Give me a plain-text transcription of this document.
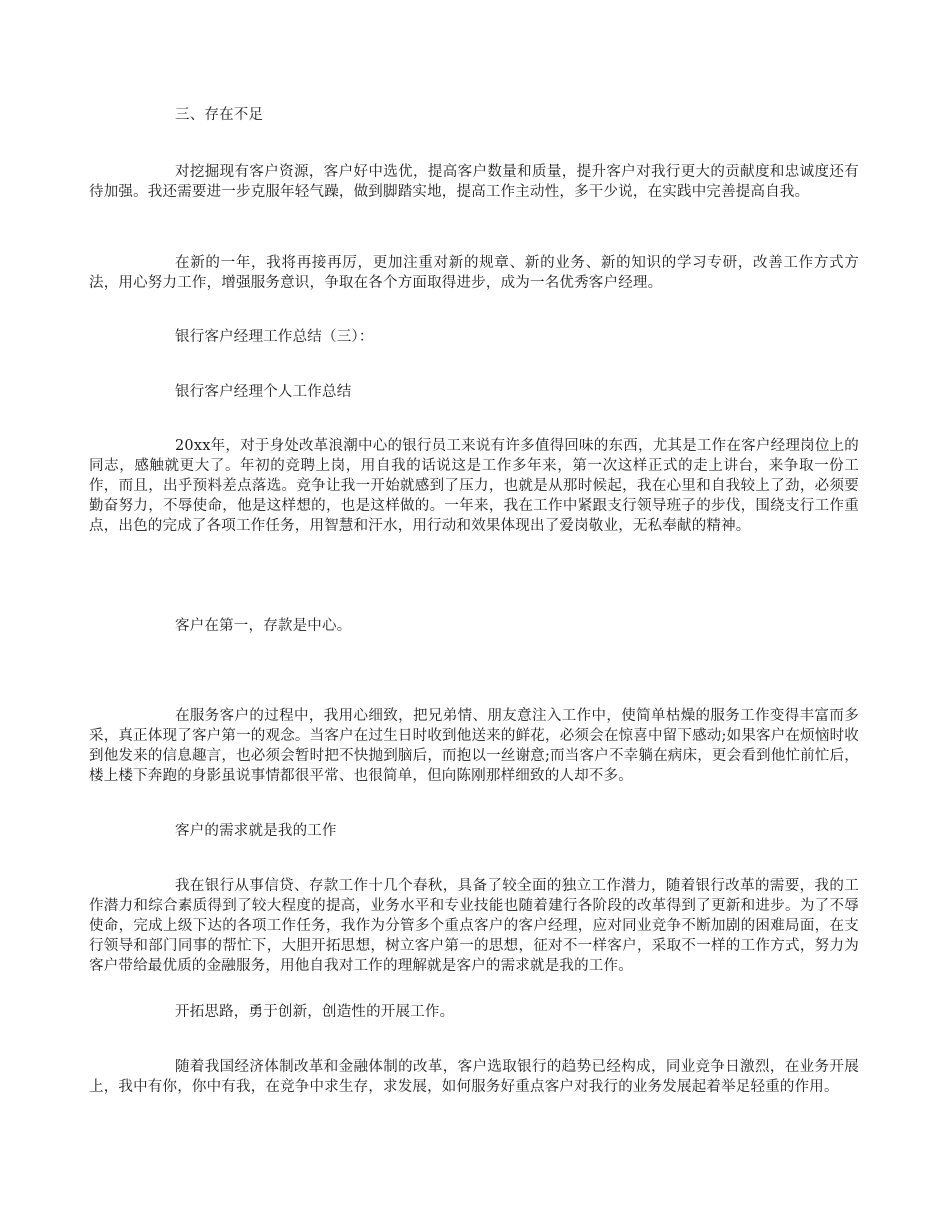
三、存在不足

对挖掘现有客户资源，客户好中选优，提高客户数量和质量，提升客户对我行更大的贡献度和忠诚度还有待加强。我还需要进一步克服年轻气躁，做到脚踏实地，提高工作主动性，多干少说，在实践中完善提高自我。

在新的一年，我将再接再厉，更加注重对新的规章、新的业务、新的知识的学习专研，改善工作方式方法，用心努力工作，增强服务意识，争取在各个方面取得进步，成为一名优秀客户经理。

银行客户经理工作总结（三）：

银行客户经理个人工作总结

20xx年，对于身处改革浪潮中心的银行员工来说有许多值得回味的东西，尤其是工作在客户经理岗位上的同志，感触就更大了。年初的竞聘上岗，用自我的话说这是工作多年来，第一次这样正式的走上讲台，来争取一份工作，而且，出乎预料差点落选。竞争让我一开始就感到了压力，也就是从那时候起，我在心里和自我较上了劲，必须要勤奋努力，不辱使命，他是这样想的，也是这样做的。一年来，我在工作中紧跟支行领导班子的步伐，围绕支行工作重点，出色的完成了各项工作任务，用智慧和汗水，用行动和效果体现出了爱岗敬业，无私奉献的精神。

客户在第一，存款是中心。

在服务客户的过程中，我用心细致，把兄弟情、朋友意注入工作中，使简单枯燥的服务工作变得丰富而多采，真正体现了客户第一的观念。当客户在过生日时收到他送来的鲜花，必须会在惊喜中留下感动;如果客户在烦恼时收到他发来的信息趣言，也必须会暂时把不快抛到脑后，而抱以一丝谢意;而当客户不幸躺在病床，更会看到他忙前忙后，楼上楼下奔跑的身影虽说事情都很平常、也很简单，但向陈刚那样细致的人却不多。

客户的需求就是我的工作

我在银行从事信贷、存款工作十几个春秋，具备了较全面的独立工作潜力，随着银行改革的需要，我的工作潜力和综合素质得到了较大程度的提高，业务水平和专业技能也随着建行各阶段的改革得到了更新和进步。为了不辱使命，完成上级下达的各项工作任务，我作为分管多个重点客户的客户经理，应对同业竞争不断加剧的困难局面，在支行领导和部门同事的帮忙下，大胆开拓思想，树立客户第一的思想，征对不一样客户，采取不一样的工作方式，努力为客户带给最优质的金融服务，用他自我对工作的理解就是客户的需求就是我的工作。

开拓思路，勇于创新，创造性的开展工作。

随着我国经济体制改革和金融体制的改革，客户选取银行的趋势已经构成，同业竞争日激烈，在业务开展上，我中有你，你中有我，在竞争中求生存，求发展，如何服务好重点客户对我行的业务发展起着举足轻重的作用。
